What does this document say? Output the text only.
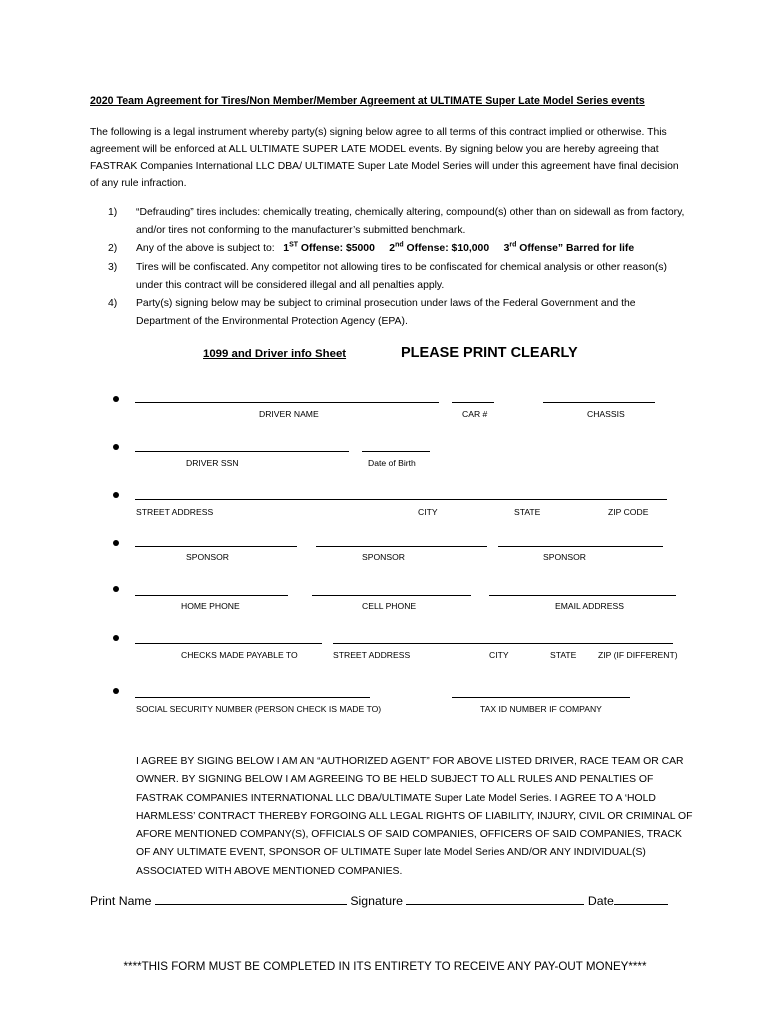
2020 Team Agreement for Tires/Non Member/Member Agreement at ULTIMATE Super Late Model Series events
The following is a legal instrument whereby party(s) signing below agree to all terms of this contract implied or otherwise. This agreement will be enforced at ALL ULTIMATE SUPER LATE MODEL events. By signing below you are hereby agreeing that FASTRAK Companies International LLC DBA/ ULTIMATE Super Late Model Series will under this agreement have final decision of any rule infraction.
1) “Defrauding” tires includes: chemically treating, chemically altering, compound(s) other than on sidewall as from factory, and/or tires not conforming to the manufacturer’s submitted benchmark.
2) Any of the above is subject to: 1ST Offense: $5000 2nd Offense: $10,000 3rd Offense” Barred for life
3) Tires will be confiscated. Any competitor not allowing tires to be confiscated for chemical analysis or other reason(s) under this contract will be considered illegal and all penalties apply.
4) Party(s) signing below may be subject to criminal prosecution under laws of the Federal Government and the Department of the Environmental Protection Agency (EPA).
1099 and Driver info Sheet	PLEASE PRINT CLEARLY
DRIVER NAME	CAR #	CHASSIS
DRIVER SSN	Date of Birth
STREET ADDRESS	CITY	STATE	ZIP CODE
SPONSOR	SPONSOR	SPONSOR
HOME PHONE	CELL PHONE	EMAIL ADDRESS
CHECKS MADE PAYABLE TO	STREET ADDRESS	CITY	STATE	ZIP (IF DIFFERENT)
SOCIAL SECURITY NUMBER (PERSON CHECK IS MADE TO)	TAX ID NUMBER IF COMPANY
I AGREE BY SIGING BELOW I AM AN “AUTHORIZED AGENT” FOR ABOVE LISTED DRIVER, RACE TEAM OR CAR OWNER. BY SIGNING BELOW I AM AGREEING TO BE HELD SUBJECT TO ALL RULES AND PENALTIES OF FASTRAK COMPANIES INTERNATIONAL LLC DBA/ULTIMATE Super Late Model Series. I AGREE TO A ‘HOLD HARMLESS’ CONTRACT THEREBY FORGOING ALL LEGAL RIGHTS OF LIABILITY, INJURY, CIVIL OR CRIMINAL OF AFORE MENTIONED COMPANY(S), OFFICIALS OF SAID COMPANIES, OFFICERS OF SAID COMPANIES, TRACK OF ANY ULTIMATE EVENT, SPONSOR OF ULTIMATE Super late Model Series AND/OR ANY INDIVIDUAL(S) ASSOCIATED WITH ABOVE MENTIONED COMPANIES.
Print Name	Signature	Date
****THIS FORM MUST BE COMPLETED IN ITS ENTIRETY TO RECEIVE ANY PAY-OUT MONEY****
